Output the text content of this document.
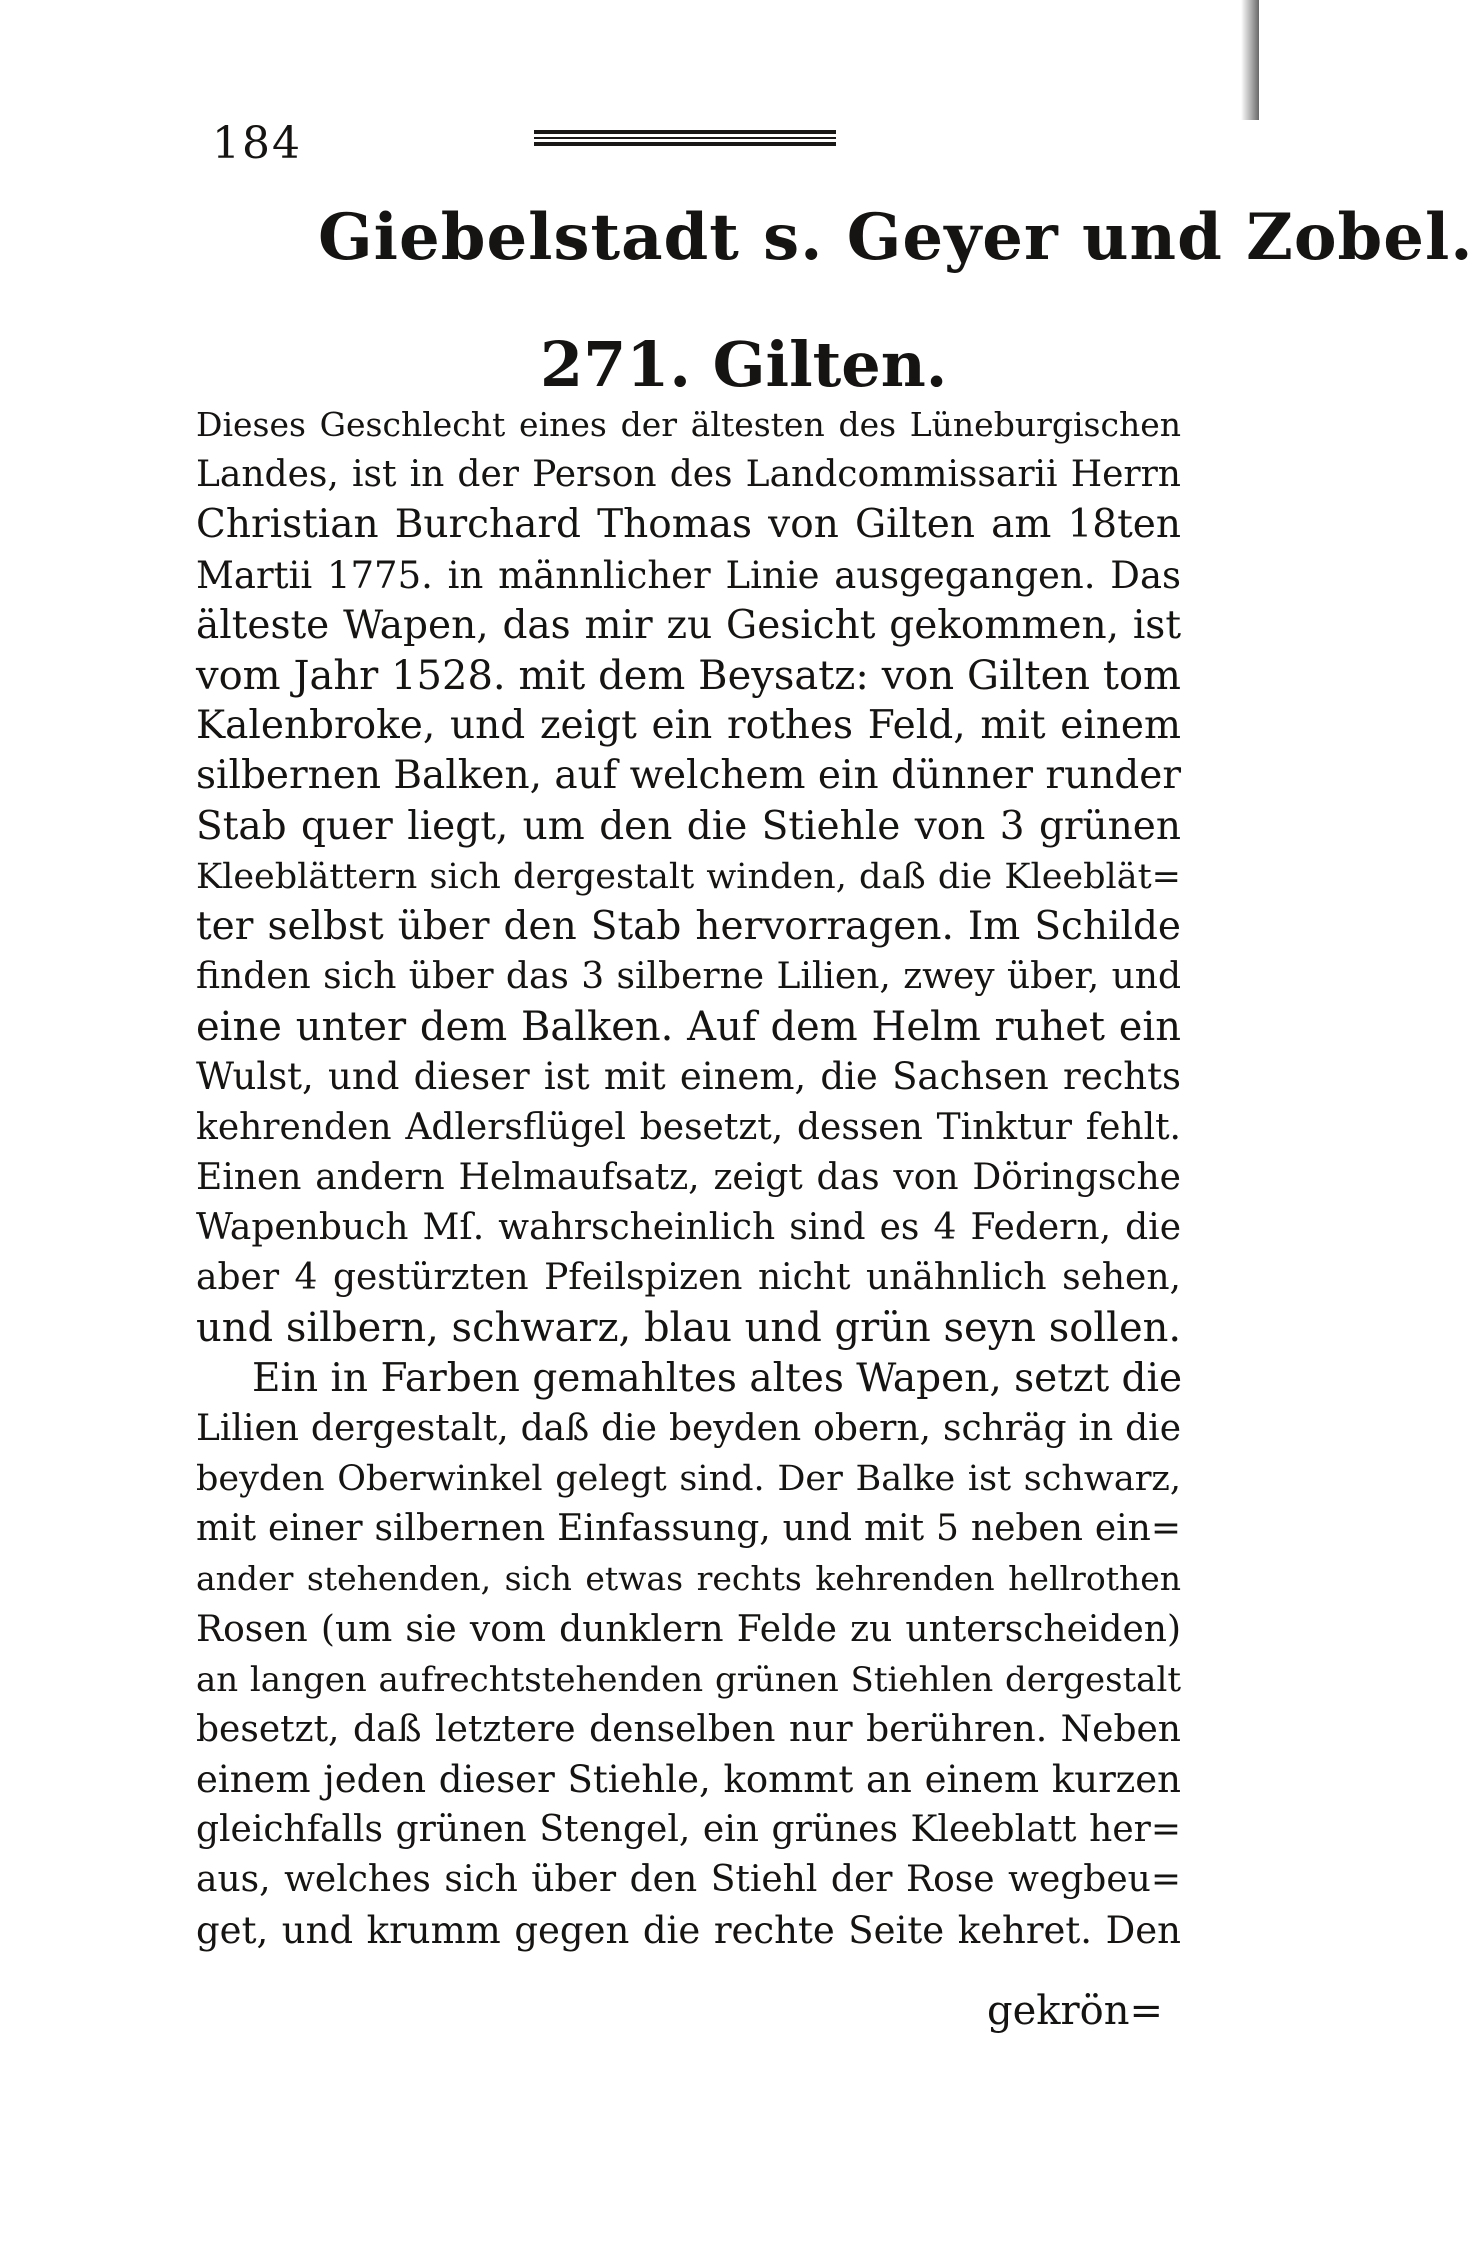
184
Giebelstadt s. Geyer und Zobel.
271. Gilten.
Dieses Geschlecht eines der ältesten des Lüneburgischen
Landes, ist in der Person des Landcommissarii Herrn
Christian Burchard Thomas von Gilten am 18ten
Martii 1775. in männlicher Linie ausgegangen. Das
älteste Wapen, das mir zu Gesicht gekommen, ist
vom Jahr 1528. mit dem Beysatz: von Gilten tom
Kalenbroke, und zeigt ein rothes Feld, mit einem
silbernen Balken, auf welchem ein dünner runder
Stab quer liegt, um den die Stiehle von 3 grünen
Kleeblättern sich dergestalt winden, daß die Kleeblät=
ter selbst über den Stab hervorragen. Im Schilde
finden sich über das 3 silberne Lilien, zwey über, und
eine unter dem Balken. Auf dem Helm ruhet ein
Wulst, und dieser ist mit einem, die Sachsen rechts
kehrenden Adlersflügel besetzt, dessen Tinktur fehlt.
Einen andern Helmaufsatz, zeigt das von Döringsche
Wapenbuch Mſ. wahrscheinlich sind es 4 Federn, die
aber 4 gestürzten Pfeilspizen nicht unähnlich sehen,
und silbern, schwarz, blau und grün seyn sollen.
Ein in Farben gemahltes altes Wapen, setzt die
Lilien dergestalt, daß die beyden obern, schräg in die
beyden Oberwinkel gelegt sind. Der Balke ist schwarz,
mit einer silbernen Einfassung, und mit 5 neben ein=
ander stehenden, sich etwas rechts kehrenden hellrothen
Rosen (um sie vom dunklern Felde zu unterscheiden)
an langen aufrechtstehenden grünen Stiehlen dergestalt
besetzt, daß letztere denselben nur berühren. Neben
einem jeden dieser Stiehle, kommt an einem kurzen
gleichfalls grünen Stengel, ein grünes Kleeblatt her=
aus, welches sich über den Stiehl der Rose wegbeu=
get, und krumm gegen die rechte Seite kehret. Den
gekrön=
